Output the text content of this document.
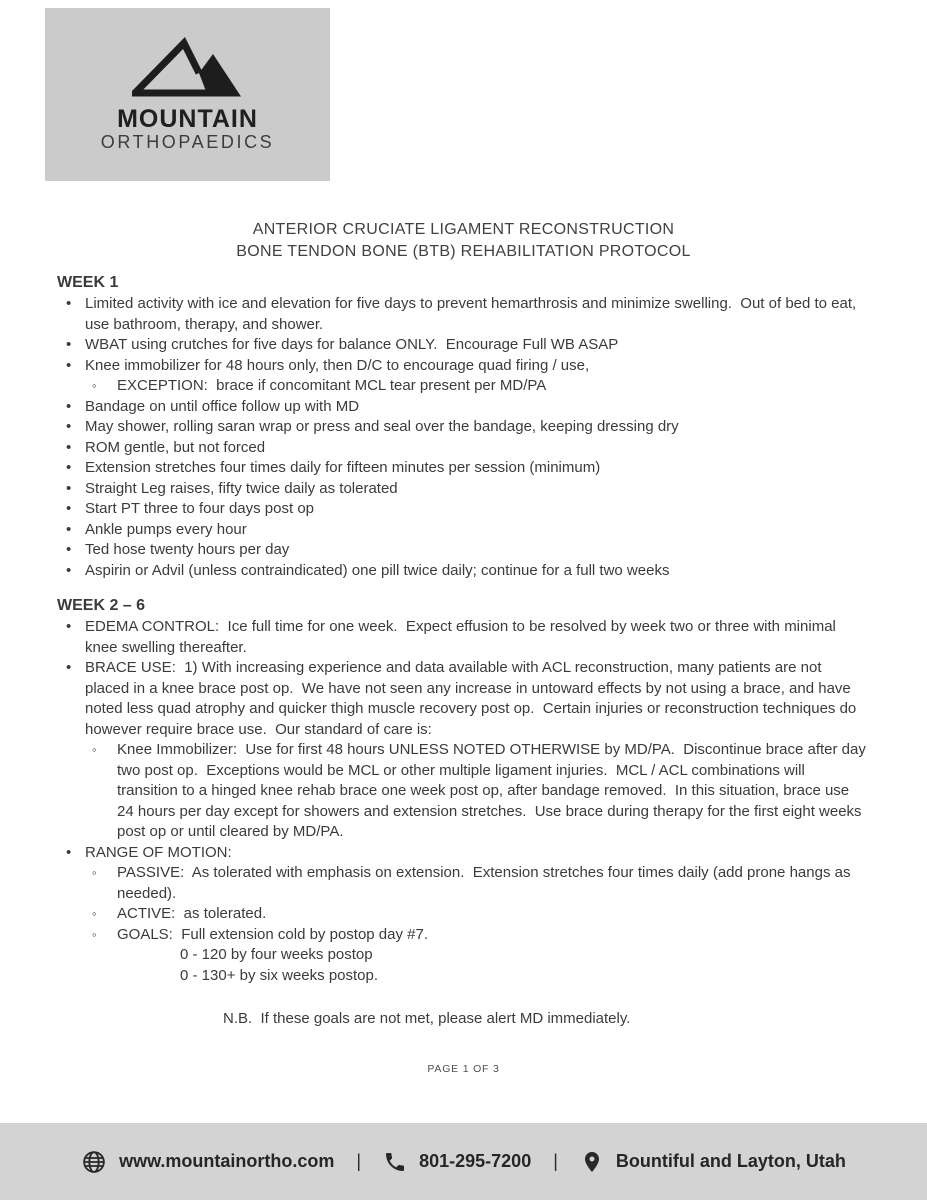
MOUNTAIN
ORTHOPAEDICS
ANTERIOR CRUCIATE LIGAMENT RECONSTRUCTION
BONE TENDON BONE (BTB) REHABILITATION PROTOCOL
WEEK 1
• Limited activity with ice and elevation for five days to prevent hemarthrosis and minimize swelling.  Out of bed to eat, use bathroom, therapy, and shower.
• WBAT using crutches for five days for balance ONLY.  Encourage Full WB ASAP
• Knee immobilizer for 48 hours only, then D/C to encourage quad firing / use,
◦	EXCEPTION:  brace if concomitant MCL tear present per MD/PA
• Bandage on until office follow up with MD
• May shower, rolling saran wrap or press and seal over the bandage, keeping dressing dry
• ROM gentle, but not forced
• Extension stretches four times daily for fifteen minutes per session (minimum)
• Straight Leg raises, fifty twice daily as tolerated
• Start PT three to four days post op
• Ankle pumps every hour
• Ted hose twenty hours per day
• Aspirin or Advil (unless contraindicated) one pill twice daily; continue for a full two weeks
WEEK 2 – 6
• EDEMA CONTROL:  Ice full time for one week.  Expect effusion to be resolved by week two or three with minimal knee swelling thereafter.
• BRACE USE:  1) With increasing experience and data available with ACL reconstruction, many patients are not placed in a knee brace post op.  We have not seen any increase in untoward effects by not using a brace, and have noted less quad atrophy and quicker thigh muscle recovery post op.  Certain injuries or reconstruction techniques do however require brace use.  Our standard of care is:
◦	Knee Immobilizer:  Use for first 48 hours UNLESS NOTED OTHERWISE by MD/PA.  Discontinue brace after day two post op.  Exceptions would be MCL or other multiple ligament injuries.  MCL / ACL combinations will transition to a hinged knee rehab brace one week post op, after bandage removed.  In this situation, brace use 24 hours per day except for showers and extension stretches.  Use brace during therapy for the first eight weeks post op or until cleared by MD/PA.
• RANGE OF MOTION:
◦	PASSIVE:  As tolerated with emphasis on extension.  Extension stretches four times daily (add prone hangs as needed).
◦	ACTIVE:  as tolerated.
◦	GOALS:  Full extension cold by postop day #7.
0 - 120 by four weeks postop
0 - 130+ by six weeks postop.
N.B.  If these goals are not met, please alert MD immediately.
PAGE 1 OF 3
www.mountainortho.com |	801-295-7200 |	Bountiful and Layton, Utah
